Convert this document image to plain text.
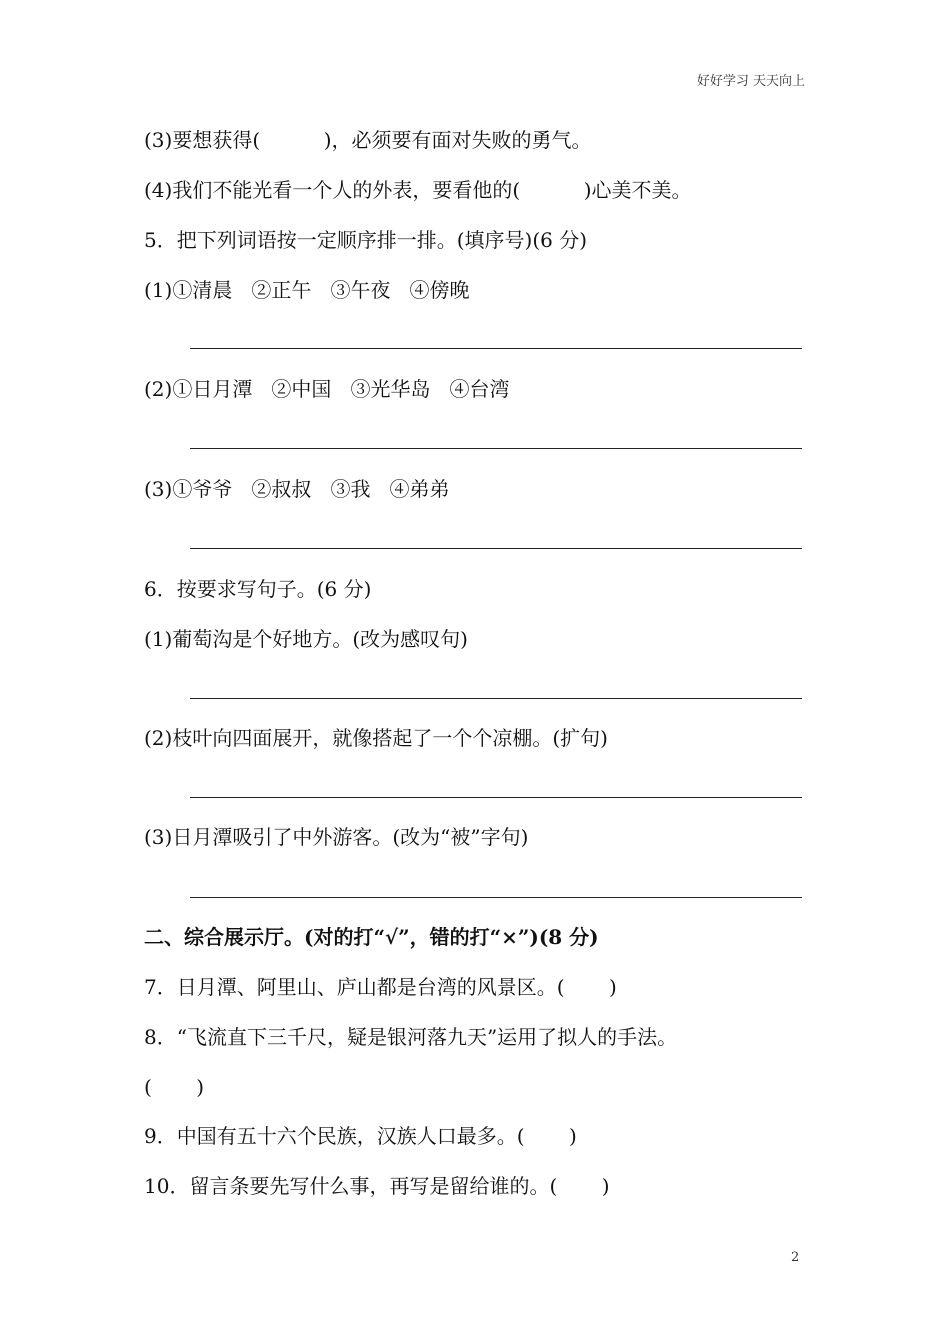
好好学习 天天向上
(3)要想获得(          )，必须要有面对失败的勇气。
(4)我们不能光看一个人的外表，要看他的(          )心美不美。
5．把下列词语按一定顺序排一排。(填序号)(6 分)
(1)①清晨   ②正午   ③午夜   ④傍晚
(2)①日月潭   ②中国   ③光华岛   ④台湾
(3)①爷爷   ②叔叔   ③我   ④弟弟
6．按要求写句子。(6 分)
(1)葡萄沟是个好地方。(改为感叹句)
(2)枝叶向四面展开，就像搭起了一个个凉棚。(扩句)
(3)日月潭吸引了中外游客。(改为“被”字句)
二、综合展示厅。(对的打“√”，错的打“×”)(8 分)
7．日月潭、阿里山、庐山都是台湾的风景区。(       )
8．“飞流直下三千尺，疑是银河落九天”运用了拟人的手法。
(       )
9．中国有五十六个民族，汉族人口最多。(       )
10．留言条要先写什么事，再写是留给谁的。(       )
2
